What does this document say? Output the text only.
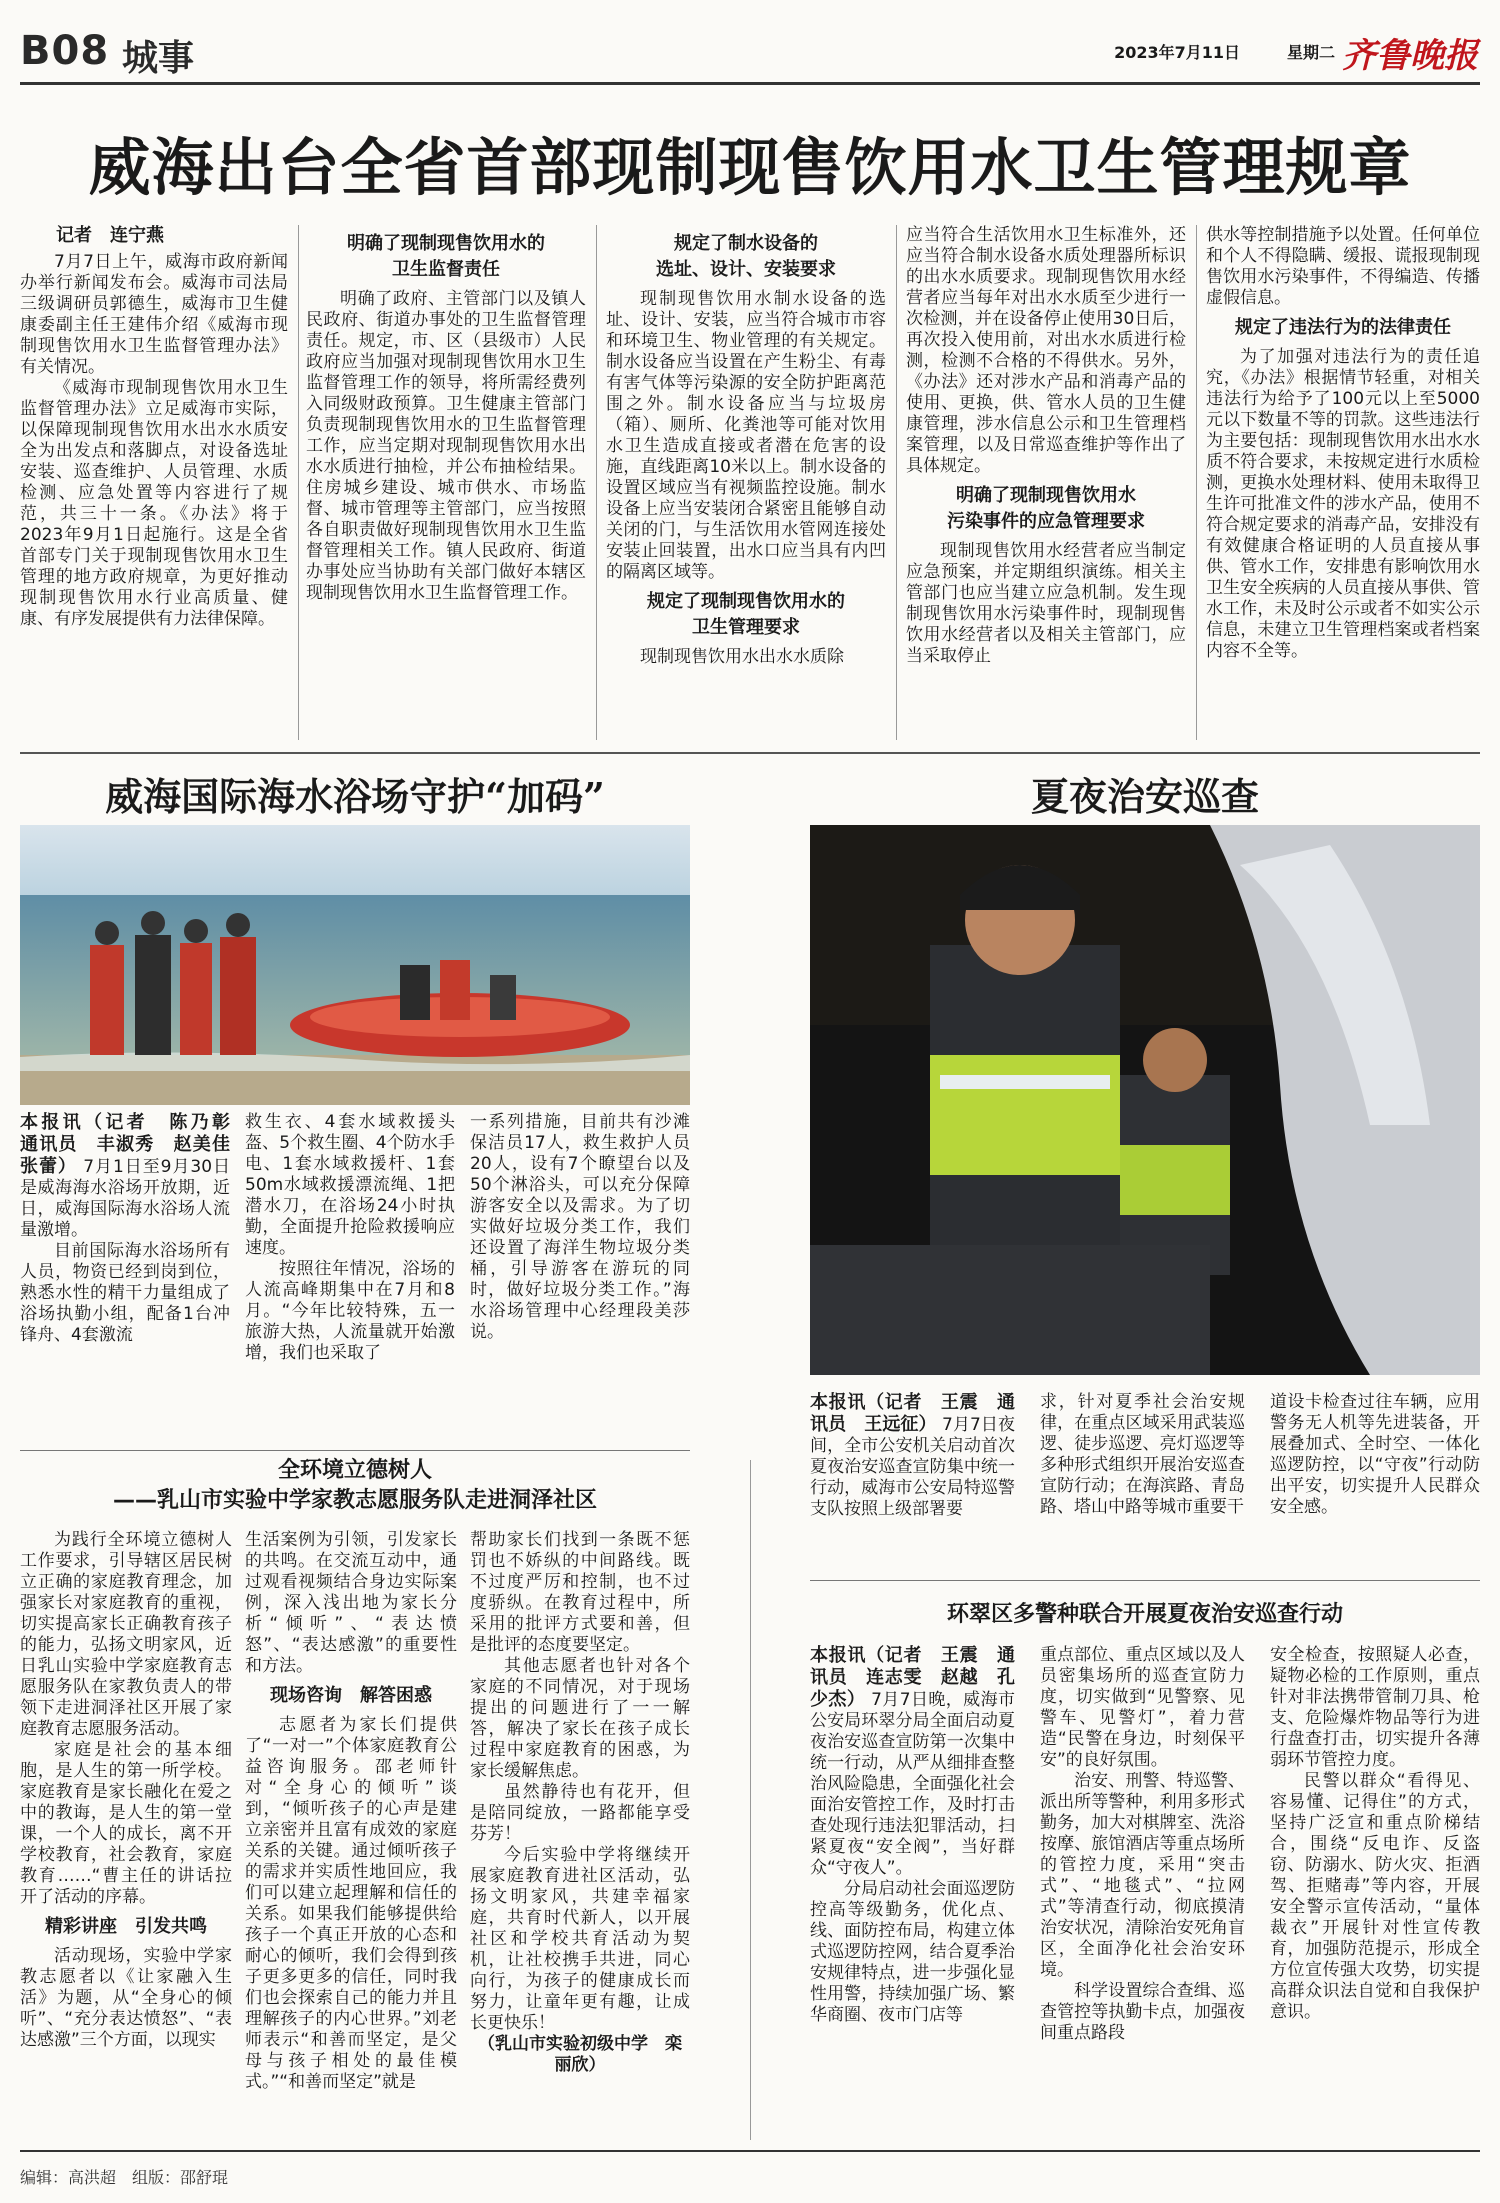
B08 城事	2023年7月11日	星期二 齐鲁晚报
威海出台全省首部现制现售饮用水卫生管理规章
记者　连宁燕

7月7日上午，威海市政府新闻办举行新闻发布会。威海市司法局三级调研员郭德生，威海市卫生健康委副主任王建伟介绍《威海市现制现售饮用水卫生监督管理办法》有关情况。

《威海市现制现售饮用水卫生监督管理办法》立足威海市实际，以保障现制现售饮用水出水水质安全为出发点和落脚点，对设备选址安装、巡查维护、人员管理、水质检测、应急处置等内容进行了规范，共三十一条。《办法》将于2023年9月1日起施行。这是全省首部专门关于现制现售饮用水卫生管理的地方政府规章，为更好推动现制现售饮用水行业高质量、健康、有序发展提供有力法律保障。

明确了现制现售饮用水的
卫生监督责任

明确了政府、主管部门以及镇人民政府、街道办事处的卫生监督管理责任。规定，市、区（县级市）人民政府应当加强对现制现售饮用水卫生监督管理工作的领导，将所需经费列入同级财政预算。卫生健康主管部门负责现制现售饮用水的卫生监督管理工作，应当定期对现制现售饮用水出水水质进行抽检，并公布抽检结果。住房城乡建设、城市供水、市场监督、城市管理等主管部门，应当按照各自职责做好现制现售饮用水卫生监督管理相关工作。镇人民政府、街道办事处应当协助有关部门做好本辖区现制现售饮用水卫生监督管理工作。

规定了制水设备的
选址、设计、安装要求

现制现售饮用水制水设备的选址、设计、安装，应当符合城市市容和环境卫生、物业管理的有关规定。制水设备应当设置在产生粉尘、有毒有害气体等污染源的安全防护距离范围之外。制水设备应当与垃圾房（箱）、厕所、化粪池等可能对饮用水卫生造成直接或者潜在危害的设施，直线距离10米以上。制水设备的设置区域应当有视频监控设施。制水设备上应当安装闭合紧密且能够自动关闭的门，与生活饮用水管网连接处安装止回装置，出水口应当具有内凹的隔离区域等。

规定了现制现售饮用水的
卫生管理要求

现制现售饮用水出水水质除

应当符合生活饮用水卫生标准外，还应当符合制水设备水质处理器所标识的出水水质要求。现制现售饮用水经营者应当每年对出水水质至少进行一次检测，并在设备停止使用30日后，再次投入使用前，对出水水质进行检测，检测不合格的不得供水。另外，《办法》还对涉水产品和消毒产品的使用、更换，供、管水人员的卫生健康管理，涉水信息公示和卫生管理档案管理，以及日常巡查维护等作出了具体规定。

明确了现制现售饮用水
污染事件的应急管理要求

现制现售饮用水经营者应当制定应急预案，并定期组织演练。相关主管部门也应当建立应急机制。发生现制现售饮用水污染事件时，现制现售饮用水经营者以及相关主管部门，应当采取停止

供水等控制措施予以处置。任何单位和个人不得隐瞒、缓报、谎报现制现售饮用水污染事件，不得编造、传播虚假信息。

规定了违法行为的法律责任

为了加强对违法行为的责任追究，《办法》根据情节轻重，对相关违法行为给予了100元以上至5000元以下数量不等的罚款。这些违法行为主要包括：现制现售饮用水出水水质不符合要求，未按规定进行水质检测，更换水处理材料、使用未取得卫生许可批准文件的涉水产品，使用不符合规定要求的消毒产品，安排没有有效健康合格证明的人员直接从事供、管水工作，安排患有影响饮用水卫生安全疾病的人员直接从事供、管水工作，未及时公示或者不如实公示信息，未建立卫生管理档案或者档案内容不全等。

威海国际海水浴场守护“加码”
本报讯（记者　陈乃彰　通讯员　丰淑秀　赵美佳　张蕾） 7月1日至9月30日是威海海水浴场开放期，近日，威海国际海水浴场人流量激增。

目前国际海水浴场所有人员，物资已经到岗到位，熟悉水性的精干力量组成了浴场执勤小组，配备1台冲锋舟、4套激流

救生衣、4套水域救援头盔、5个救生圈、4个防水手电、1套水域救援杆、1套50m水域救援漂流绳、1把潜水刀，在浴场24小时执勤，全面提升抢险救援响应速度。

按照往年情况，浴场的人流高峰期集中在7月和8月。“今年比较特殊，五一旅游大热，人流量就开始激增，我们也采取了

一系列措施，目前共有沙滩保洁员17人，救生救护人员20人，设有7个瞭望台以及50个淋浴头，可以充分保障游客安全以及需求。为了切实做好垃圾分类工作，我们还设置了海洋生物垃圾分类桶，引导游客在游玩的同时，做好垃圾分类工作。”海水浴场管理中心经理段美莎说。

夏夜治安巡查
本报讯（记者　王震　通讯员　王远征） 7月7日夜间，全市公安机关启动首次夏夜治安巡查宣防集中统一行动，威海市公安局特巡警支队按照上级部署要

求，针对夏季社会治安规律，在重点区域采用武装巡逻、徒步巡逻、亮灯巡逻等多种形式组织开展治安巡查宣防行动；在海滨路、青岛路、塔山中路等城市重要干

道设卡检查过往车辆，应用警务无人机等先进装备，开展叠加式、全时空、一体化巡逻防控，以“守夜”行动防出平安，切实提升人民群众安全感。

全环境立德树人
——乳山市实验中学家教志愿服务队走进洞泽社区

为践行全环境立德树人工作要求，引导辖区居民树立正确的家庭教育理念，加强家长对家庭教育的重视，切实提高家长正确教育孩子的能力，弘扬文明家风，近日乳山实验中学家庭教育志愿服务队在家教负责人的带领下走进洞泽社区开展了家庭教育志愿服务活动。

家庭是社会的基本细胞，是人生的第一所学校。家庭教育是家长融化在爱之中的教诲，是人生的第一堂课，一个人的成长，离不开学校教育，社会教育，家庭教育……“曹主任的讲话拉开了活动的序幕。

精彩讲座　引发共鸣

活动现场，实验中学家教志愿者以《让家融入生活》为题，从“全身心的倾听”、“充分表达愤怒”、“表达感激”三个方面，以现实

生活案例为引领，引发家长的共鸣。在交流互动中，通过观看视频结合身边实际案例，深入浅出地为家长分析“倾听”、“表达愤怒”、“表达感激”的重要性和方法。

现场咨询　解答困惑

志愿者为家长们提供了“一对一”个体家庭教育公益咨询服务。邵老师针对“全身心的倾听”谈到，“倾听孩子的心声是建立亲密并且富有成效的家庭关系的关键。通过倾听孩子的需求并实质性地回应，我们可以建立起理解和信任的关系。如果我们能够提供给孩子一个真正开放的心态和耐心的倾听，我们会得到孩子更多更多的信任，同时我们也会探索自己的能力并且理解孩子的内心世界。”刘老师表示“和善而坚定，是父母与孩子相处的最佳模式。”“和善而坚定”就是

帮助家长们找到一条既不惩罚也不娇纵的中间路线。既不过度严厉和控制，也不过度骄纵。在教育过程中，所采用的批评方式要和善，但是批评的态度要坚定。

其他志愿者也针对各个家庭的不同情况，对于现场提出的问题进行了一一解答，解决了家长在孩子成长过程中家庭教育的困惑，为家长缓解焦虑。

虽然静待也有花开，但是陪同绽放，一路都能享受芬芳！

今后实验中学将继续开展家庭教育进社区活动，弘扬文明家风，共建幸福家庭，共育时代新人，以开展社区和学校共育活动为契机，让社校携手共进，同心向行，为孩子的健康成长而努力，让童年更有趣，让成长更快乐！

（乳山市实验初级中学　栾丽欣）
环翠区多警种联合开展夏夜治安巡查行动
本报讯（记者　王震　通讯员　连志雯　赵越　孔少杰） 7月7日晚，威海市公安局环翠分局全面启动夏夜治安巡查宣防第一次集中统一行动，从严从细排查整治风险隐患，全面强化社会面治安管控工作，及时打击查处现行违法犯罪活动，扫紧夏夜“安全阀”，当好群众“守夜人”。

分局启动社会面巡逻防控高等级勤务，优化点、线、面防控布局，构建立体式巡逻防控网，结合夏季治安规律特点，进一步强化显性用警，持续加强广场、繁华商圈、夜市门店等

重点部位、重点区域以及人员密集场所的巡查宣防力度，切实做到“见警察、见警车、见警灯”，着力营造“民警在身边，时刻保平安”的良好氛围。

治安、刑警、特巡警、派出所等警种，利用多形式勤务，加大对棋牌室、洗浴按摩、旅馆酒店等重点场所的管控力度，采用“突击式”、“地毯式”、“拉网式”等清查行动，彻底摸清治安状况，清除治安死角盲区，全面净化社会治安环境。

科学设置综合查缉、巡查管控等执勤卡点，加强夜间重点路段

安全检查，按照疑人必查，疑物必检的工作原则，重点针对非法携带管制刀具、枪支、危险爆炸物品等行为进行盘查打击，切实提升各薄弱环节管控力度。

民警以群众“看得见、容易懂、记得住”的方式，坚持广泛宣和重点阶梯结合，围绕“反电诈、反盗窃、防溺水、防火灾、拒酒驾、拒赌毒”等内容，开展安全警示宣传活动，“量体裁衣”开展针对性宣传教育，加强防范提示，形成全方位宣传强大攻势，切实提高群众识法自觉和自我保护意识。

编辑：高洪超　组版：邵舒琨
